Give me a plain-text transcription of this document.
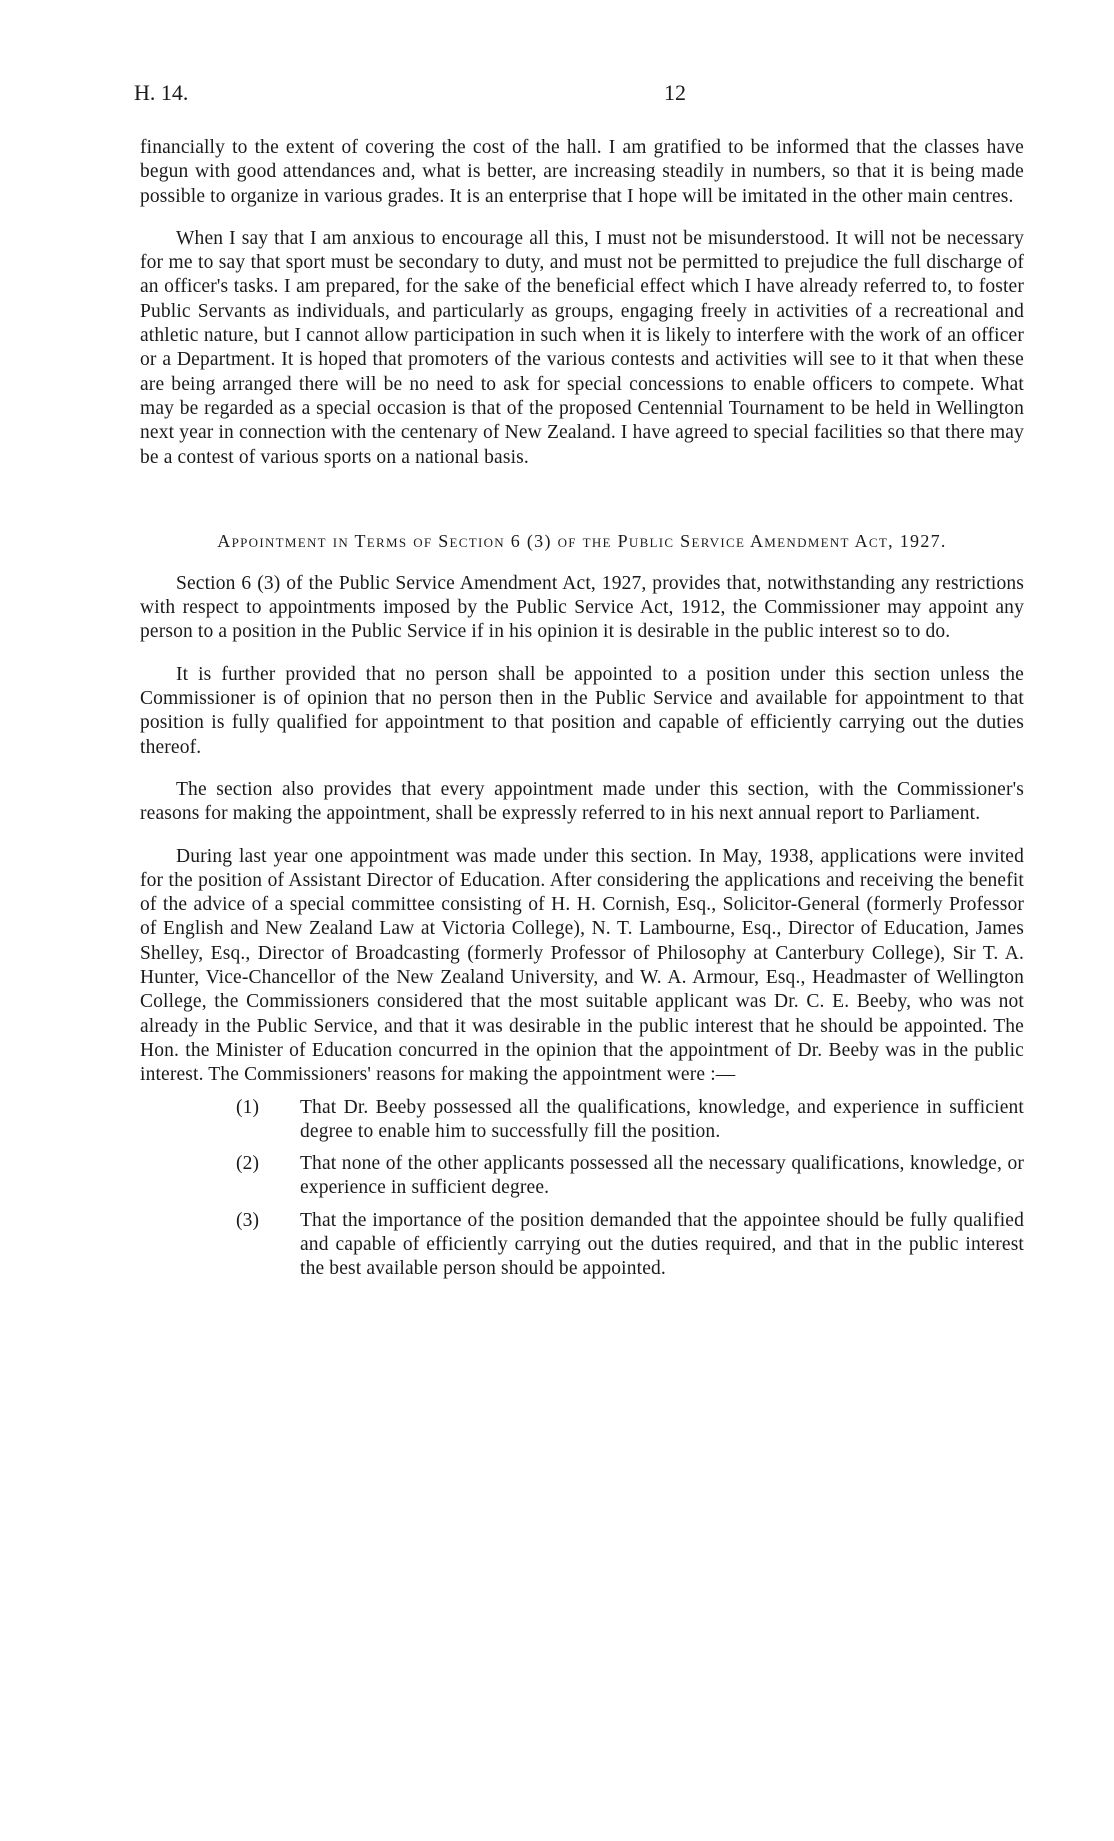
H. 14.	12

financially to the extent of covering the cost of the hall. I am gratified to be informed that the classes have begun with good attendances and, what is better, are increasing steadily in numbers, so that it is being made possible to organize in various grades. It is an enterprise that I hope will be imitated in the other main centres.

When I say that I am anxious to encourage all this, I must not be misunderstood. It will not be necessary for me to say that sport must be secondary to duty, and must not be permitted to prejudice the full discharge of an officer's tasks. I am prepared, for the sake of the beneficial effect which I have already referred to, to foster Public Servants as individuals, and particularly as groups, engaging freely in activities of a recreational and athletic nature, but I cannot allow participation in such when it is likely to interfere with the work of an officer or a Department. It is hoped that promoters of the various contests and activities will see to it that when these are being arranged there will be no need to ask for special concessions to enable officers to compete. What may be regarded as a special occasion is that of the proposed Centennial Tournament to be held in Wellington next year in connection with the centenary of New Zealand. I have agreed to special facilities so that there may be a contest of various sports on a national basis.

Appointment in Terms of Section 6 (3) of the Public Service Amendment Act, 1927.

Section 6 (3) of the Public Service Amendment Act, 1927, provides that, notwithstanding any restrictions with respect to appointments imposed by the Public Service Act, 1912, the Commissioner may appoint any person to a position in the Public Service if in his opinion it is desirable in the public interest so to do.

It is further provided that no person shall be appointed to a position under this section unless the Commissioner is of opinion that no person then in the Public Service and available for appointment to that position is fully qualified for appointment to that position and capable of efficiently carrying out the duties thereof.

The section also provides that every appointment made under this section, with the Commissioner's reasons for making the appointment, shall be expressly referred to in his next annual report to Parliament.

During last year one appointment was made under this section. In May, 1938, applications were invited for the position of Assistant Director of Education. After considering the applications and receiving the benefit of the advice of a special committee consisting of H. H. Cornish, Esq., Solicitor-General (formerly Professor of English and New Zealand Law at Victoria College), N. T. Lambourne, Esq., Director of Education, James Shelley, Esq., Director of Broadcasting (formerly Professor of Philosophy at Canterbury College), Sir T. A. Hunter, Vice-Chancellor of the New Zealand University, and W. A. Armour, Esq., Headmaster of Wellington College, the Commissioners considered that the most suitable applicant was Dr. C. E. Beeby, who was not already in the Public Service, and that it was desirable in the public interest that he should be appointed. The Hon. the Minister of Education concurred in the opinion that the appointment of Dr. Beeby was in the public interest. The Commissioners' reasons for making the appointment were :—

(1) That Dr. Beeby possessed all the qualifications, knowledge, and experience in sufficient degree to enable him to successfully fill the position.
(2) That none of the other applicants possessed all the necessary qualifications, knowledge, or experience in sufficient degree.
(3) That the importance of the position demanded that the appointee should be fully qualified and capable of efficiently carrying out the duties required, and that in the public interest the best available person should be appointed.
